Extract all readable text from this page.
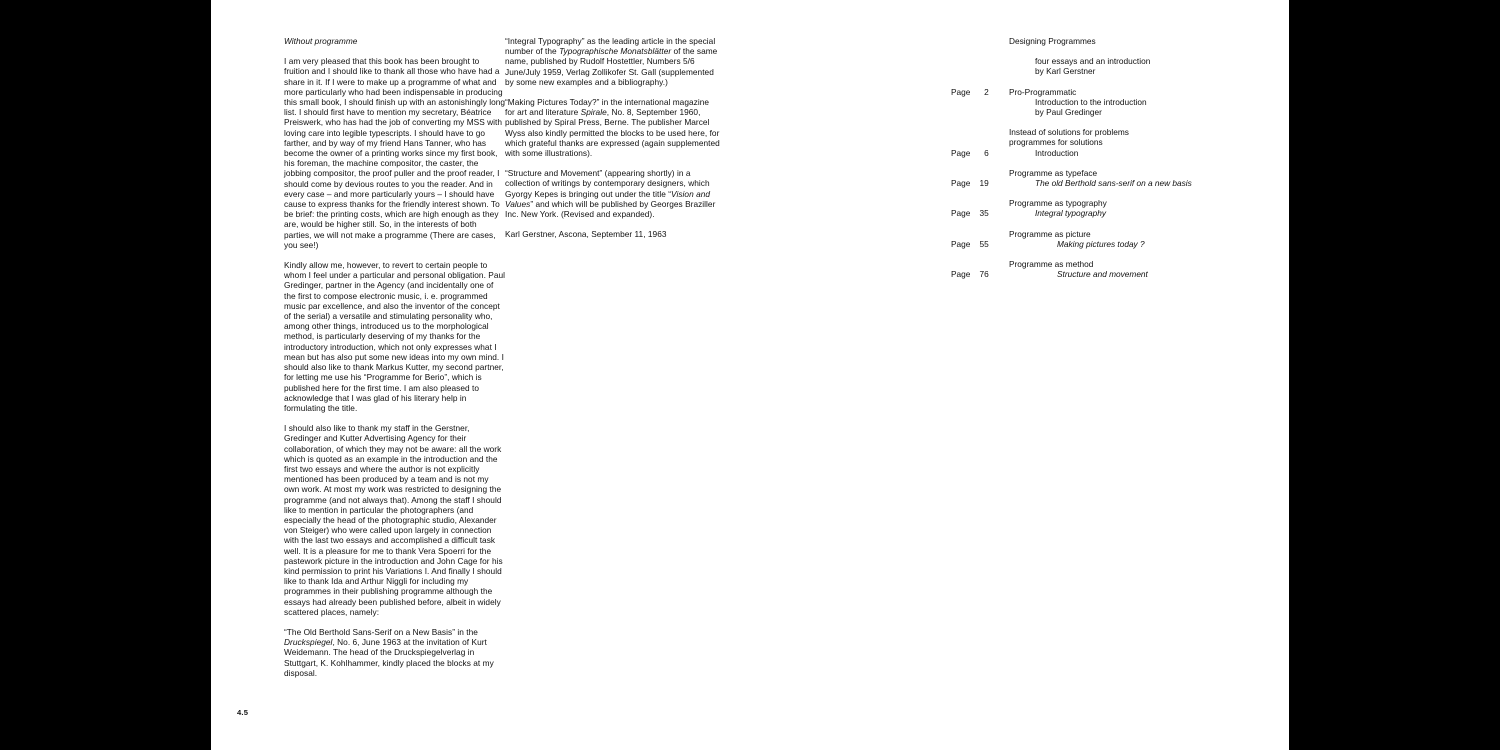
4.5
Without programme

I am very pleased that this book has been brought to fruition and I should like to thank all those who have had a share in it. If I were to make up a programme of what and more particularly who had been indispensable in producing this small book, I should finish up with an astonishingly long list. I should first have to mention my secretary, Béatrice Preiswerk, who has had the job of converting my MSS with loving care into legible typescripts. I should have to go farther, and by way of my friend Hans Tanner, who has become the owner of a printing works since my first book, his foreman, the machine compositor, the caster, the jobbing compositor, the proof puller and the proof reader, I should come by devious routes to you the reader. And in every case – and more particularly yours – I should have cause to express thanks for the friendly interest shown. To be brief: the printing costs, which are high enough as they are, would be higher still. So, in the interests of both parties, we will not make a programme (There are cases, you see!)

Kindly allow me, however, to revert to certain people to whom I feel under a particular and personal obligation. Paul Gredinger, partner in the Agency (and incidentally one of the first to compose electronic music, i. e. programmed music par excellence, and also the inventor of the concept of the serial) a versatile and stimulating personality who, among other things, introduced us to the morphological method, is particularly deserving of my thanks for the introductory introduction, which not only expresses what I mean but has also put some new ideas into my own mind. I should also like to thank Markus Kutter, my second partner, for letting me use his “Programme for Berio”, which is published here for the first time. I am also pleased to acknowledge that I was glad of his literary help in formulating the title.

I should also like to thank my staff in the Gerstner, Gredinger and Kutter Advertising Agency for their collaboration, of which they may not be aware: all the work which is quoted as an example in the introduction and the first two essays and where the author is not explicitly mentioned has been produced by a team and is not my own work. At most my work was restricted to designing the programme (and not always that). Among the staff I should like to mention in particular the photographers (and especially the head of the photographic studio, Alexander von Steiger) who were called upon largely in connection with the last two essays and accomplished a difficult task well. It is a pleasure for me to thank Vera Spoerri for the pastework picture in the introduction and John Cage for his kind permission to print his Variations I. And finally I should like to thank Ida and Arthur Niggli for including my programmes in their publishing programme although the essays had already been published before, albeit in widely scattered places, namely:

“The Old Berthold Sans-Serif on a New Basis” in the Druckspiegel, No. 6, June 1963 at the invitation of Kurt Weidemann. The head of the Druckspiegelverlag in Stuttgart, K. Kohlhammer, kindly placed the blocks at my disposal.

“Integral Typography” as the leading article in the special number of the Typographische Monatsblätter of the same name, published by Rudolf Hostettler, Numbers 5/6 June/July 1959, Verlag Zollikofer St. Gall (supplemented by some new examples and a bibliography.)

“Making Pictures Today?” in the international magazine for art and literature Spirale, No. 8, September 1960, published by Spiral Press, Berne. The publisher Marcel Wyss also kindly permitted the blocks to be used here, for which grateful thanks are expressed (again supplemented with some illustrations).

“Structure and Movement” (appearing shortly) in a collection of writings by contemporary designers, which Gyorgy Kepes is bringing out under the title “Vision and Values” and which will be published by Georges Braziller Inc. New York. (Revised and expanded).

Karl Gerstner, Ascona, September 11, 1963

Designing Programmes
four essays and an introduction
by Karl Gerstner
Page 2	Pro-Programmatic
Introduction to the introduction
by Paul Gredinger
Instead of solutions for problems
programmes for solutions
Page 6	Introduction
Programme as typeface
Page 19	The old Berthold sans-serif on a new basis
Programme as typography
Page 35	Integral typography
Programme as picture
Page 55	Making pictures today ?
Programme as method
Page 76	Structure and movement
